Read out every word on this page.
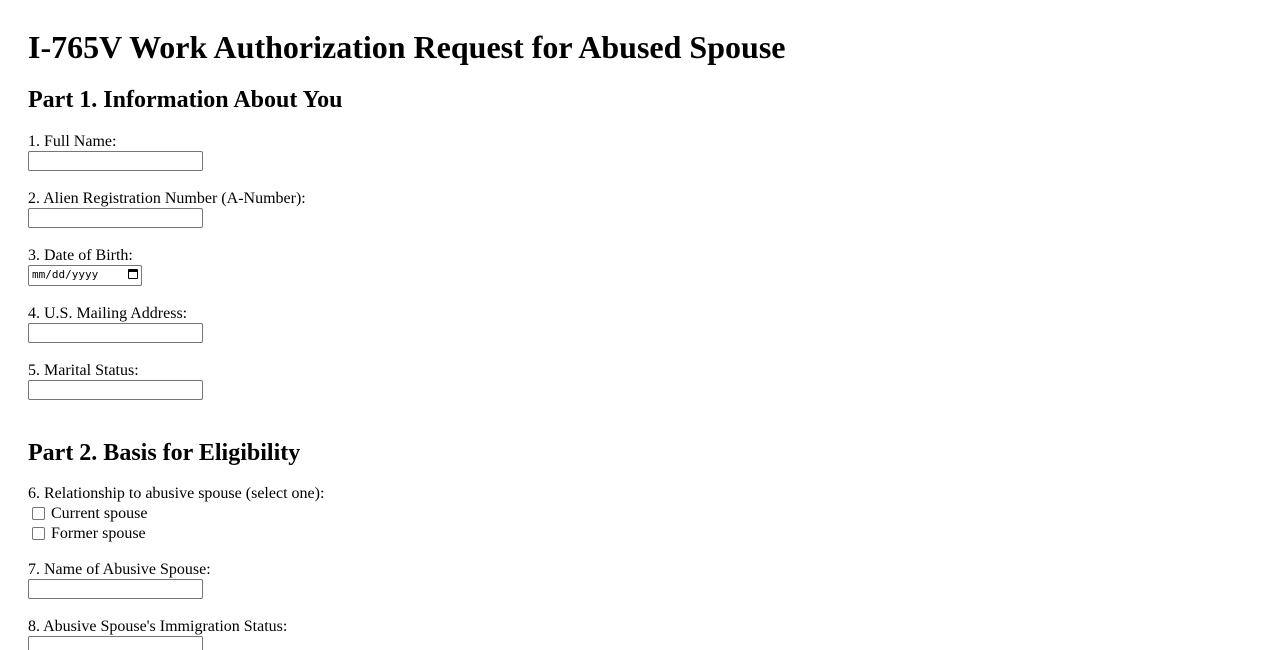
I-765V Work Authorization Request for Abused Spouse
Part 1. Information About You
1. Full Name:
2. Alien Registration Number (A-Number):
3. Date of Birth:
mm/dd/yyyy
4. U.S. Mailing Address:
5. Marital Status:
Part 2. Basis for Eligibility
6. Relationship to abusive spouse (select one):
Current spouse
Former spouse
7. Name of Abusive Spouse:
8. Abusive Spouse's Immigration Status:
